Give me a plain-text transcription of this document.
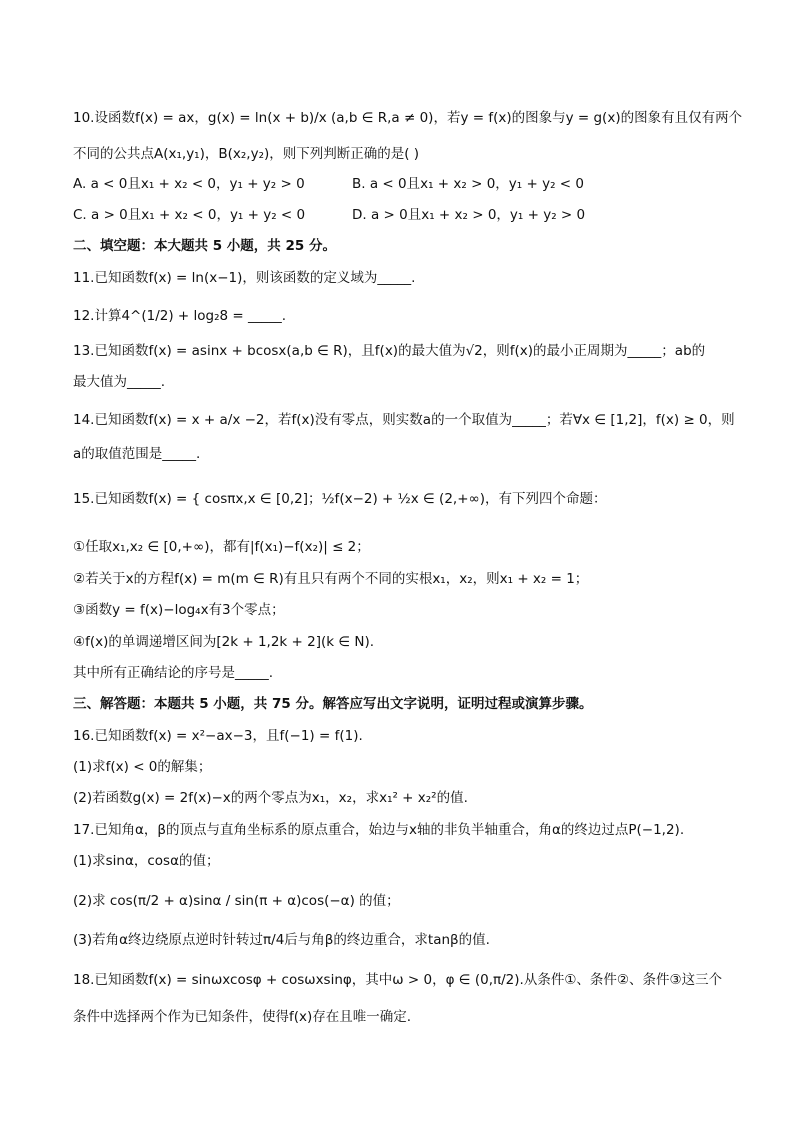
10.设函数f(x) = ax，g(x) = ln(x + b)/x (a,b ∈ R,a ≠ 0)，若y = f(x)的图象与y = g(x)的图象有且仅有两个
不同的公共点A(x₁,y₁)，B(x₂,y₂)，则下列判断正确的是( )
A. a < 0且x₁ + x₂ < 0，y₁ + y₂ > 0	B. a < 0且x₁ + x₂ > 0，y₁ + y₂ < 0
C. a > 0且x₁ + x₂ < 0，y₁ + y₂ < 0	D. a > 0且x₁ + x₂ > 0，y₁ + y₂ > 0
二、填空题：本大题共 5 小题，共 25 分。
11.已知函数f(x) = ln(x−1)，则该函数的定义域为_____.
12.计算4^(1/2) + log₂8 = _____.
13.已知函数f(x) = asinx + bcosx(a,b ∈ R)，且f(x)的最大值为√2，则f(x)的最小正周期为_____；ab的
最大值为_____.
14.已知函数f(x) = x + a/x −2，若f(x)没有零点，则实数a的一个取值为_____；若∀x ∈ [1,2]，f(x) ≥ 0，则
a的取值范围是_____.
15.已知函数f(x) = { cosπx,x ∈ [0,2]；½f(x−2) + ½x ∈ (2,+∞)，有下列四个命题：
①任取x₁,x₂ ∈ [0,+∞)，都有|f(x₁)−f(x₂)| ≤ 2；
②若关于x的方程f(x) = m(m ∈ R)有且只有两个不同的实根x₁，x₂，则x₁ + x₂ = 1；
③函数y = f(x)−log₄x有3个零点；
④f(x)的单调递增区间为[2k + 1,2k + 2](k ∈ N).
其中所有正确结论的序号是_____.
三、解答题：本题共 5 小题，共 75 分。解答应写出文字说明，证明过程或演算步骤。
16.已知函数f(x) = x²−ax−3，且f(−1) = f(1).
(1)求f(x) < 0的解集；
(2)若函数g(x) = 2f(x)−x的两个零点为x₁，x₂，求x₁² + x₂²的值.
17.已知角α，β的顶点与直角坐标系的原点重合，始边与x轴的非负半轴重合，角α的终边过点P(−1,2).
(1)求sinα，cosα的值；
(2)求 cos(π/2 + α)sinα / sin(π + α)cos(−α) 的值；
(3)若角α终边绕原点逆时针转过π/4后与角β的终边重合，求tanβ的值.
18.已知函数f(x) = sinωxcosφ + cosωxsinφ，其中ω > 0，φ ∈ (0,π/2).从条件①、条件②、条件③这三个
条件中选择两个作为已知条件，使得f(x)存在且唯一确定.
